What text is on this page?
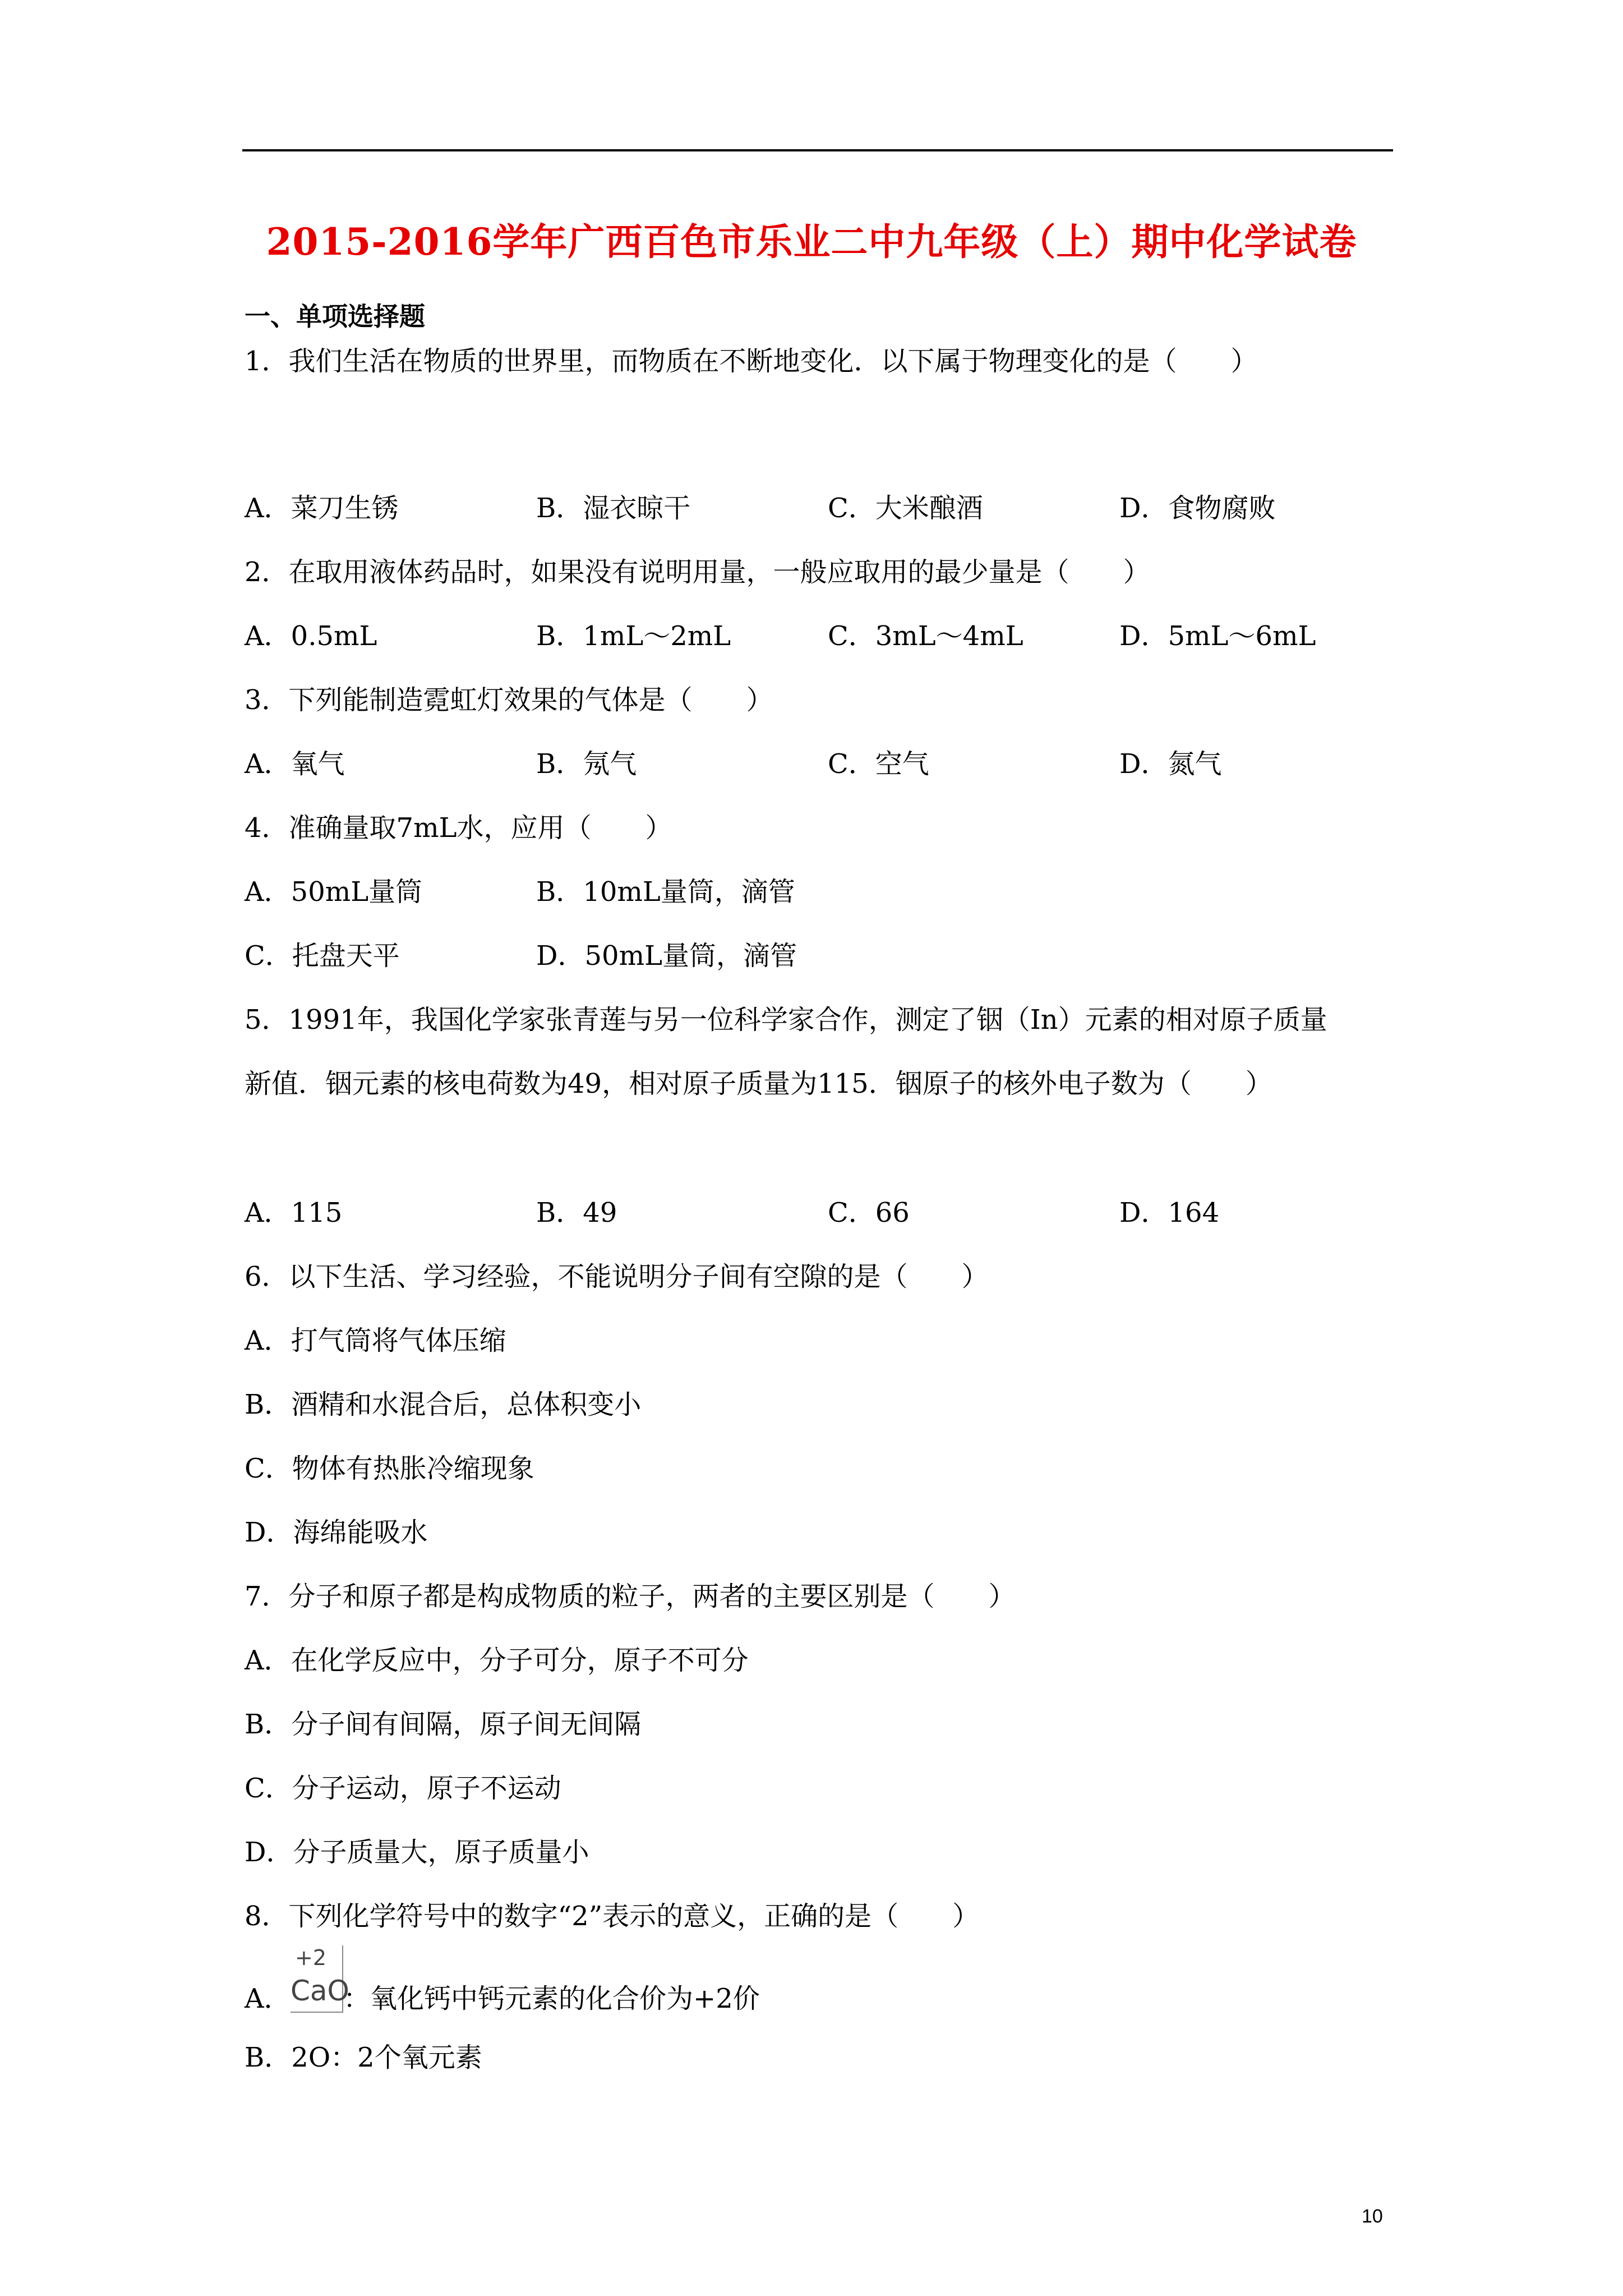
2015-2016学年广西百色市乐业二中九年级（上）期中化学试卷
一、单项选择题
1．我们生活在物质的世界里，而物质在不断地变化．以下属于物理变化的是（　　）
A．菜刀生锈	B．湿衣晾干	C．大米酿酒	D．食物腐败
2．在取用液体药品时，如果没有说明用量，一般应取用的最少量是（　　）
A．0.5mL	B．1mL～2mL	C．3mL～4mL	D．5mL～6mL
3．下列能制造霓虹灯效果的气体是（　　）
A．氧气	B．氖气	C．空气	D．氮气
4．准确量取7mL水，应用（　　）
A．50mL量筒	B．10mL量筒，滴管
C．托盘天平	D．50mL量筒，滴管
5．1991年，我国化学家张青莲与另一位科学家合作，测定了铟（In）元素的相对原子质量
新值．铟元素的核电荷数为49，相对原子质量为115．铟原子的核外电子数为（　　）
A．115	B．49	C．66	D．164
6．以下生活、学习经验，不能说明分子间有空隙的是（　　）
A．打气筒将气体压缩
B．酒精和水混合后，总体积变小
C．物体有热胀冷缩现象
D．海绵能吸水
7．分子和原子都是构成物质的粒子，两者的主要区别是（　　）
A．在化学反应中，分子可分，原子不可分
B．分子间有间隔，原子间无间隔
C．分子运动，原子不运动
D．分子质量大，原子质量小
8．下列化学符号中的数字“2”表示的意义，正确的是（　　）
A．
+2
CaO
：氧化钙中钙元素的化合价为+2价
B．2O：2个氧元素
10
